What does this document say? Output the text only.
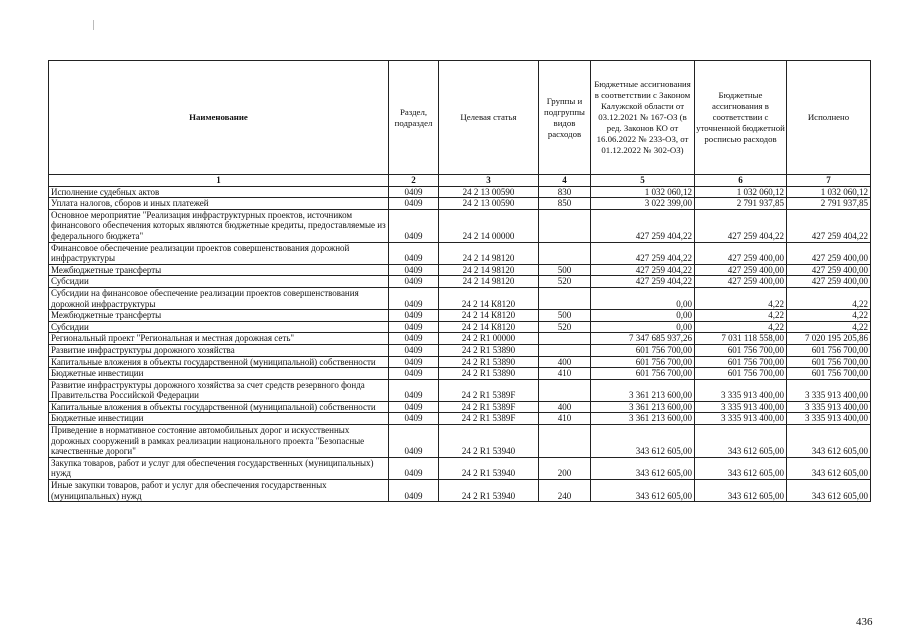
Наименование	Раздел, подраздел	Целевая статья	Группы и подгруппы видов расходов	Бюджетные ассигнования в соответствии с Законом Калужской области от 03.12.2021 № 167-ОЗ (в ред. Законов КО от 16.06.2022 № 233-ОЗ, от 01.12.2022 № 302-ОЗ)	Бюджетные ассигнования в соответствии с уточненной бюджетной росписью расходов	Исполнено
1	2	3	4	5	6	7
Исполнение судебных актов	0409	24 2 13 00590	830	1 032 060,12	1 032 060,12	1 032 060,12
Уплата налогов, сборов и иных платежей	0409	24 2 13 00590	850	3 022 399,00	2 791 937,85	2 791 937,85
Основное мероприятие "Реализация инфраструктурных проектов, источником финансового обеспечения которых являются бюджетные кредиты, предоставляемые из федерального бюджета"	0409	24 2 14 00000		427 259 404,22	427 259 404,22	427 259 404,22
Финансовое обеспечение реализации проектов совершенствования дорожной инфраструктуры	0409	24 2 14 98120		427 259 404,22	427 259 400,00	427 259 400,00
Межбюджетные трансферты	0409	24 2 14 98120	500	427 259 404,22	427 259 400,00	427 259 400,00
Субсидии	0409	24 2 14 98120	520	427 259 404,22	427 259 400,00	427 259 400,00
Субсидии на финансовое обеспечение реализации проектов совершенствования дорожной инфраструктуры	0409	24 2 14 К8120		0,00	4,22	4,22
Межбюджетные трансферты	0409	24 2 14 К8120	500	0,00	4,22	4,22
Субсидии	0409	24 2 14 К8120	520	0,00	4,22	4,22
Региональный проект "Региональная и местная дорожная сеть"	0409	24 2 R1 00000		7 347 685 937,26	7 031 118 558,00	7 020 195 205,86
Развитие инфраструктуры дорожного хозяйства	0409	24 2 R1 53890		601 756 700,00	601 756 700,00	601 756 700,00
Капитальные вложения в объекты государственной (муниципальной) собственности	0409	24 2 R1 53890	400	601 756 700,00	601 756 700,00	601 756 700,00
Бюджетные инвестиции	0409	24 2 R1 53890	410	601 756 700,00	601 756 700,00	601 756 700,00
Развитие инфраструктуры дорожного хозяйства за счет средств резервного фонда Правительства Российской Федерации	0409	24 2 R1 5389F		3 361 213 600,00	3 335 913 400,00	3 335 913 400,00
Капитальные вложения в объекты государственной (муниципальной) собственности	0409	24 2 R1 5389F	400	3 361 213 600,00	3 335 913 400,00	3 335 913 400,00
Бюджетные инвестиции	0409	24 2 R1 5389F	410	3 361 213 600,00	3 335 913 400,00	3 335 913 400,00
Приведение в нормативное состояние автомобильных дорог и искусственных дорожных сооружений в рамках реализации национального проекта "Безопасные качественные дороги"	0409	24 2 R1 53940		343 612 605,00	343 612 605,00	343 612 605,00
Закупка товаров, работ и услуг для обеспечения государственных (муниципальных) нужд	0409	24 2 R1 53940	200	343 612 605,00	343 612 605,00	343 612 605,00
Иные закупки товаров, работ и услуг для обеспечения государственных (муниципальных) нужд	0409	24 2 R1 53940	240	343 612 605,00	343 612 605,00	343 612 605,00
436
